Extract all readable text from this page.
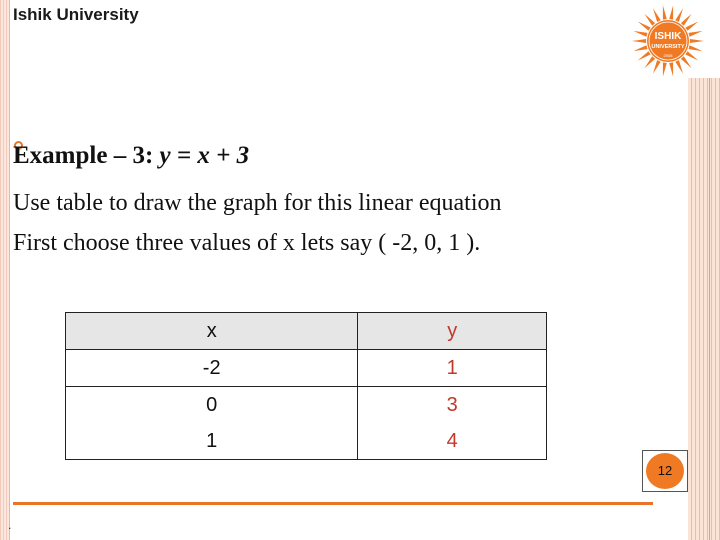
Ishik University
ISHIK
UNIVERSITY
2008
Example – 3: y = x + 3
Use table to draw the graph for this linear equation
First choose three values of x lets say ( -2, 0, 1 ).
x	y
-2	1
0	3
1	4
12
.
